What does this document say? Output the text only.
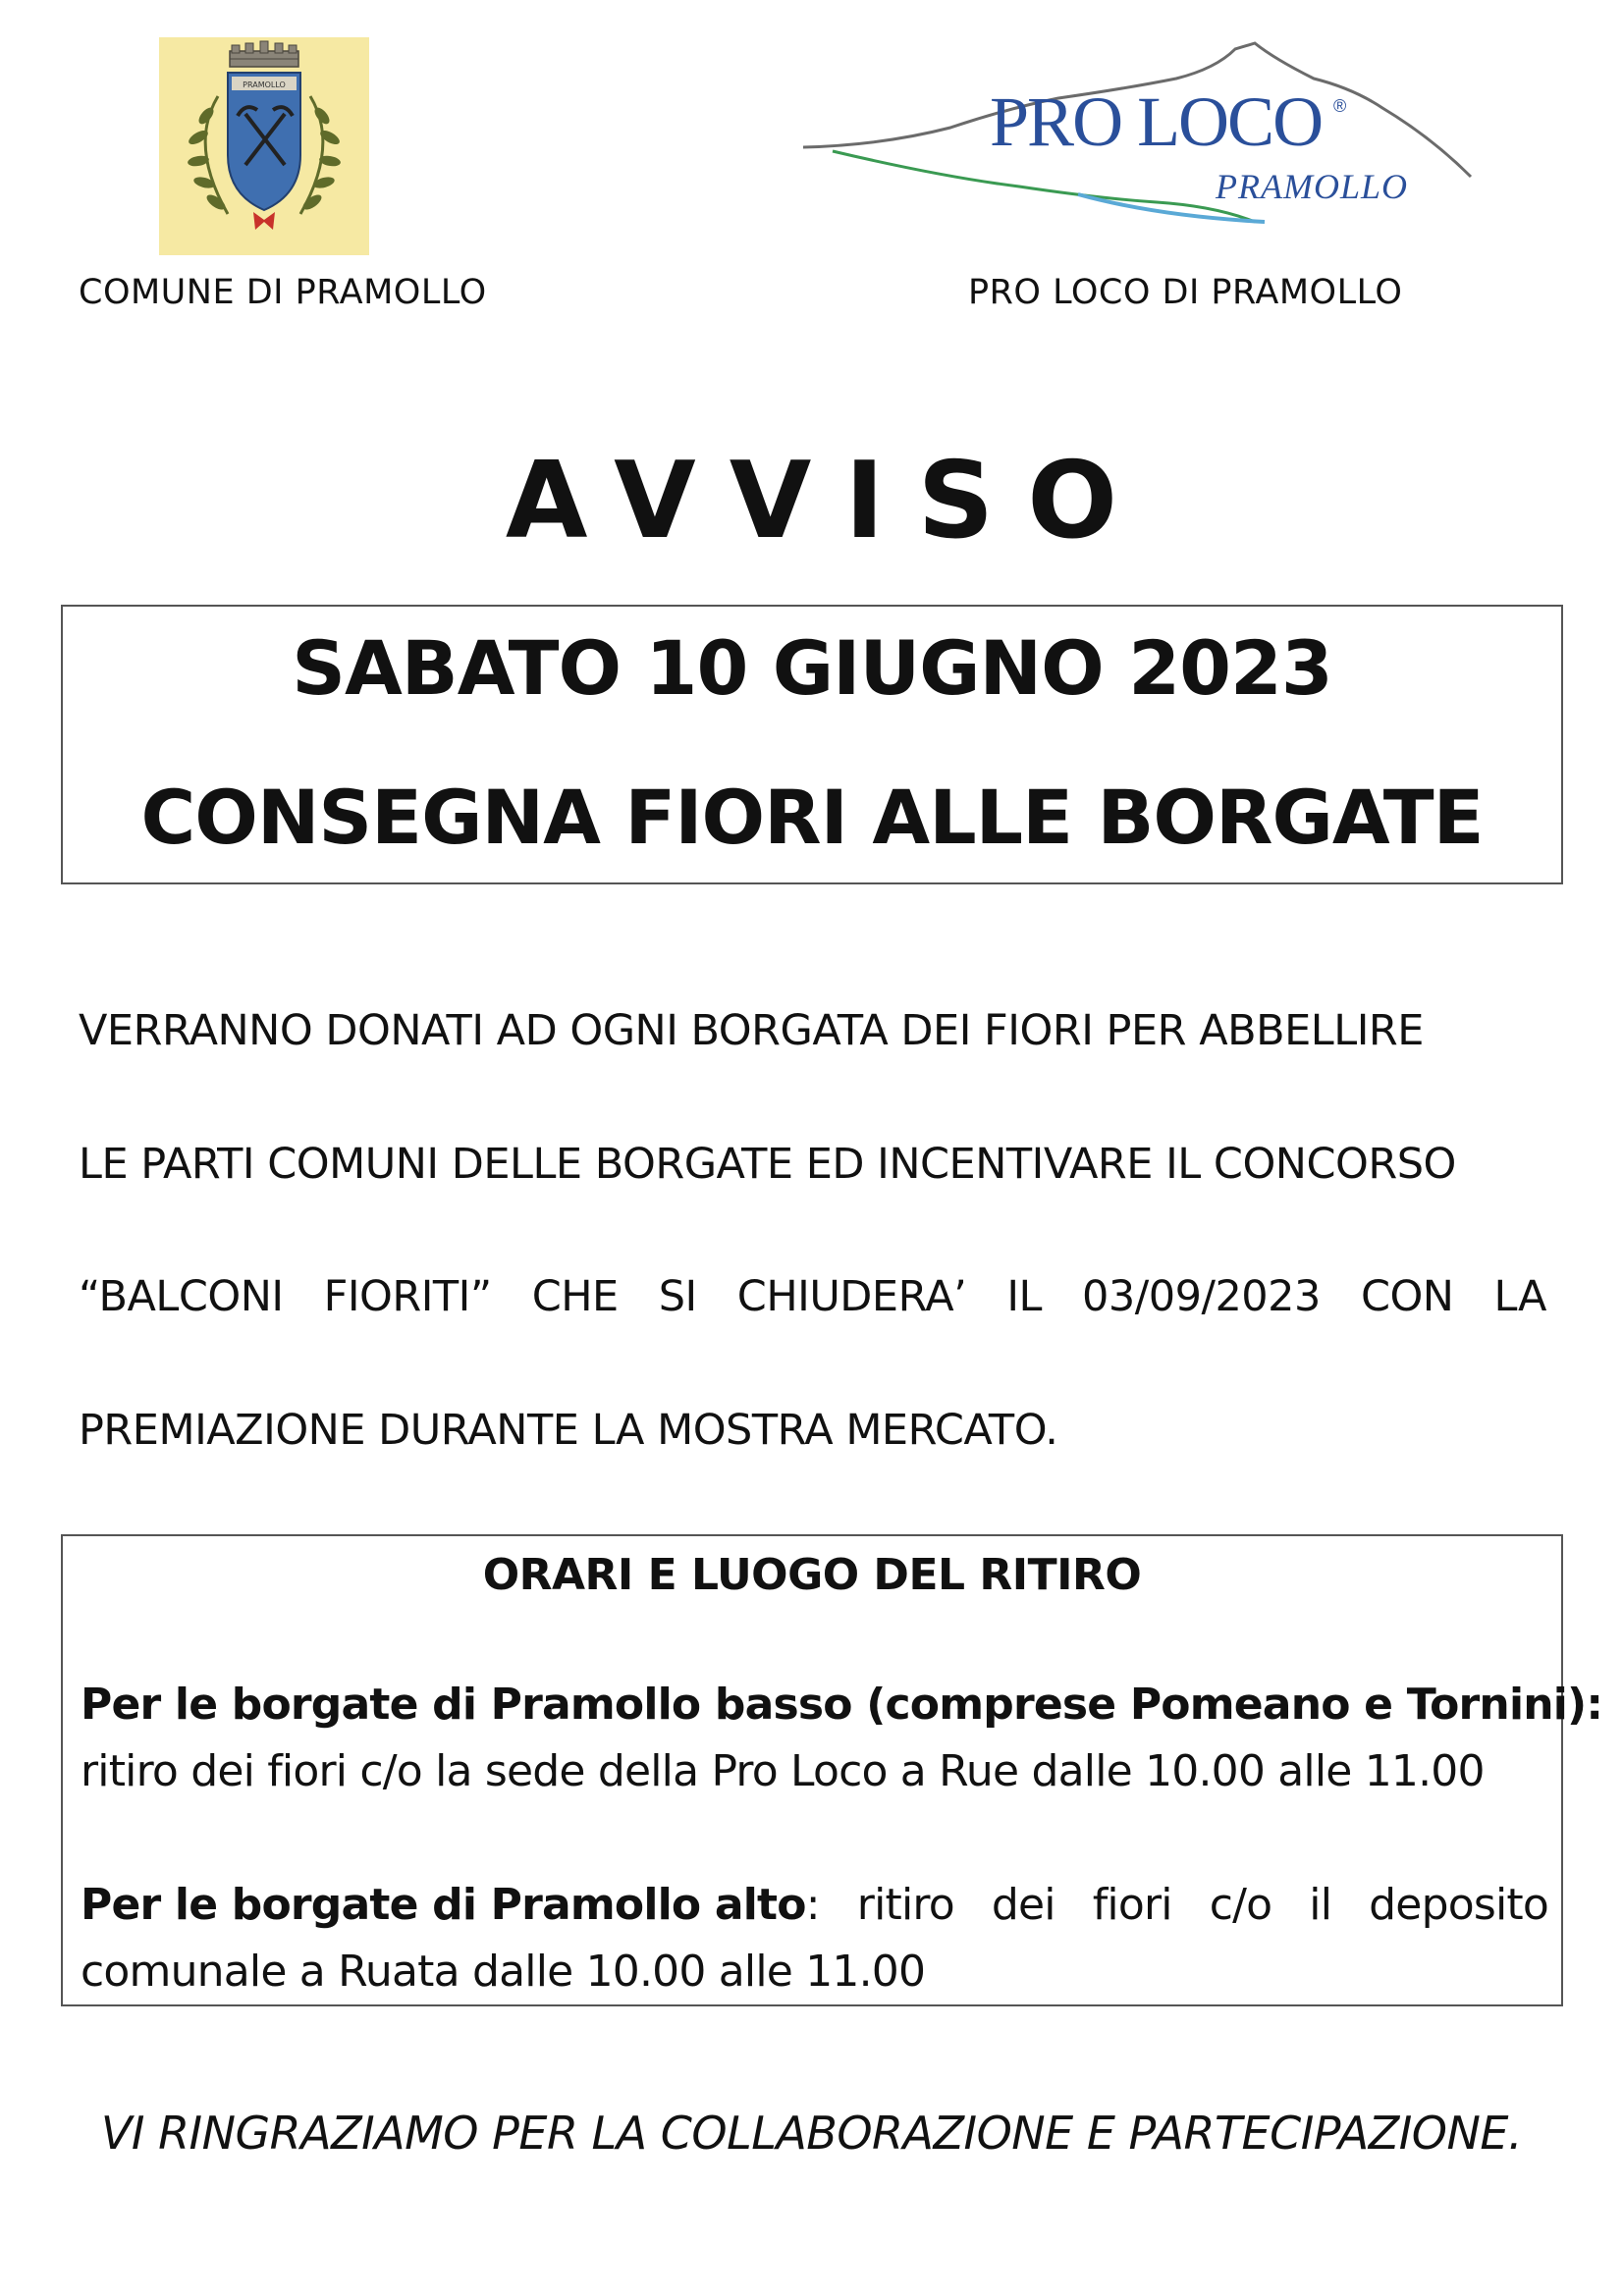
PRAMOLLO	PRO LOCO ®
PRAMOLLO
COMUNE DI PRAMOLLO	PRO LOCO DI PRAMOLLO
AVVISO
SABATO 10 GIUGNO 2023
CONSEGNA FIORI ALLE BORGATE
VERRANNO DONATI AD OGNI BORGATA DEI FIORI PER ABBELLIRE
LE PARTI COMUNI DELLE BORGATE ED INCENTIVARE IL CONCORSO
“BALCONI FIORITI” CHE SI CHIUDERA’ IL 03/09/2023 CON LA
PREMIAZIONE DURANTE LA MOSTRA MERCATO.
ORARI E LUOGO DEL RITIRO
Per le borgate di Pramollo basso (comprese Pomeano e Tornini):
ritiro dei fiori c/o la sede della Pro Loco a Rue dalle 10.00 alle 11.00
Per le borgate di Pramollo alto: ritiro dei fiori c/o il deposito
comunale a Ruata dalle 10.00 alle 11.00
VI RINGRAZIAMO PER LA COLLABORAZIONE E PARTECIPAZIONE.
